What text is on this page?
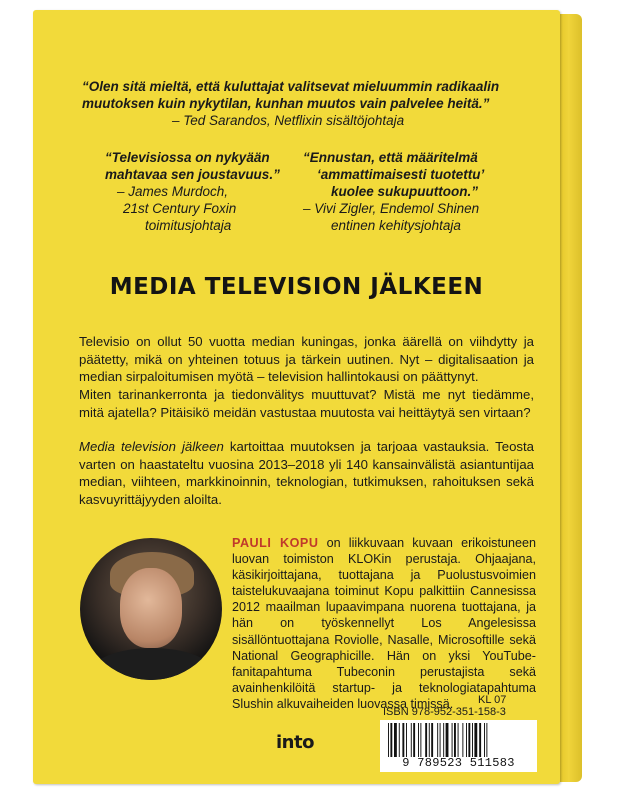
“Olen sitä mieltä, että kuluttajat valitsevat mieluummin radikaalin
muutoksen kuin nykytilan, kunhan muutos vain palvelee heitä.”
– Ted Sarandos, Netflixin sisältöjohtaja
“Televisiossa on nykyään
mahtavaa sen joustavuus.”
– James Murdoch,
21st Century Foxin
toimitusjohtaja
“Ennustan, että määritelmä
‘ammattimaisesti tuotettu’
kuolee sukupuuttoon.”
– Vivi Zigler, Endemol Shinen
entinen kehitysjohtaja
MEDIA TELEVISION JÄLKEEN
Televisio on ollut 50 vuotta median kuningas, jonka äärellä on viihdytty ja päätetty, mikä on yhteinen totuus ja tärkein uutinen. Nyt – digitalisaation ja median sirpaloitumisen myötä – television hallintokausi on päättynyt.
Miten tarinankerronta ja tiedonvälitys muuttuvat? Mistä me nyt tiedämme, mitä ajatella? Pitäisikö meidän vastustaa muutosta vai heittäytyä sen virtaan?
Media television jälkeen kartoittaa muutoksen ja tarjoaa vastauksia. Teosta varten on haastateltu vuosina 2013–2018 yli 140 kansainvälistä asiantuntijaa median, viihteen, markkinoinnin, teknologian, tutkimuksen, rahoituksen sekä kasvuyrittäjyyden aloilta.
PAULI KOPU on liikkuvaan kuvaan erikoistuneen luovan toimiston KLOKin perustaja. Ohjaajana, käsikirjoittajana, tuottajana ja Puolustusvoimien taistelukuvaajana toiminut Kopu palkittiin Cannesissa 2012 maailman lupaavimpana nuorena tuottajana, ja hän on työskennellyt Los Angelesissa sisällöntuottajana Roviolle, Nasalle, Microsoftille sekä National Geographicille. Hän on yksi YouTube-fanitapahtuma Tubeconin perustajista sekä avainhenkilöitä startup- ja teknologiatapahtuma Slushin alkuvaiheiden luovassa timissä.	KL 07
ISBN 978-952-351-158-3
into
9 789523 511583
